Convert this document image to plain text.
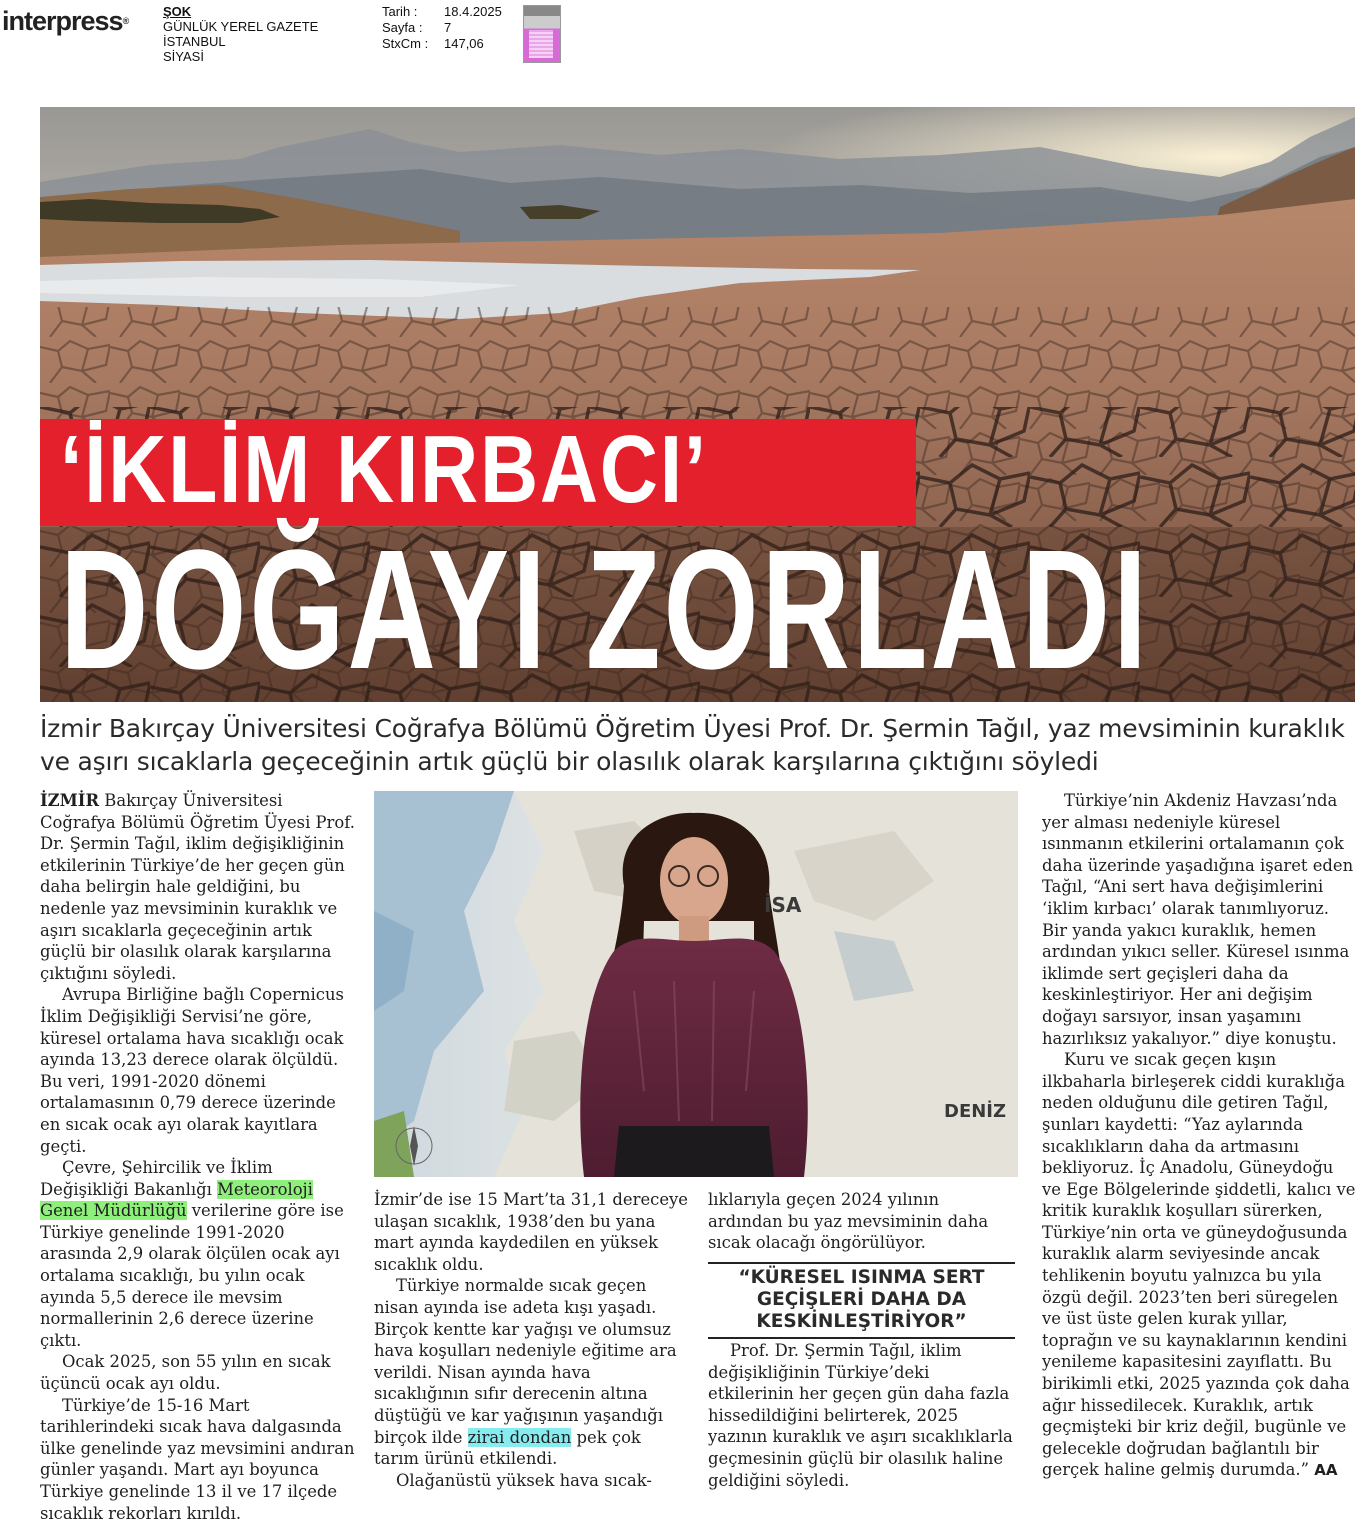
interpress®
ŞOK
GÜNLÜK YEREL GAZETE
İSTANBUL
SİYASİ
Tarih :	18.4.2025
Sayfa :	7
StxCm :	147,06
‘İKLİM KIRBACI’
DOĞAYI ZORLADI
İzmir Bakırçay Üniversitesi Coğrafya Bölümü Öğretim Üyesi Prof. Dr. Şermin Tağıl, yaz mevsiminin kuraklık ve aşırı sıcaklarla geçeceğinin artık güçlü bir olasılık olarak karşılarına çıktığını söyledi

İZMİR Bakırçay Üniversitesi Coğrafya Bölümü Öğretim Üyesi Prof. Dr. Şermin Tağıl, iklim değişikliğinin etkilerinin Türkiye’de her geçen gün daha belirgin hale geldiğini, bu nedenle yaz mevsiminin kuraklık ve aşırı sıcaklarla geçeceğinin artık güçlü bir olasılık olarak karşılarına çıktığını söyledi.

Avrupa Birliğine bağlı Copernicus İklim Değişikliği Servisi’ne göre, küresel ortalama hava sıcaklığı ocak ayında 13,23 derece olarak ölçüldü. Bu veri, 1991-2020 dönemi ortalamasının 0,79 derece üzerinde en sıcak ocak ayı olarak kayıtlara geçti.

Çevre, Şehircilik ve İklim Değişikliği Bakanlığı Meteoroloji Genel Müdürlüğü verilerine göre ise Türkiye genelinde 1991-2020 arasında 2,9 olarak ölçülen ocak ayı ortalama sıcaklığı, bu yılın ocak ayında 5,5 derece ile mevsim normallerinin 2,6 derece üzerine çıktı.

Ocak 2025, son 55 yılın en sıcak üçüncü ocak ayı oldu.

Türkiye’de 15-16 Mart tarihlerindeki sıcak hava dalgasında ülke genelinde yaz mevsimini andıran günler yaşandı. Mart ayı boyunca Türkiye genelinde 13 il ve 17 ilçede sıcaklık rekorları kırıldı.

İSA
DENİZ

İzmir’de ise 15 Mart’ta 31,1 dereceye ulaşan sıcaklık, 1938’den bu yana mart ayında kaydedilen en yüksek sıcaklık oldu.

Türkiye normalde sıcak geçen nisan ayında ise adeta kışı yaşadı. Birçok kentte kar yağışı ve olumsuz hava koşulları nedeniyle eğitime ara verildi. Nisan ayında hava sıcaklığının sıfır derecenin altına düştüğü ve kar yağışının yaşandığı birçok ilde zirai dondan pek çok tarım ürünü etkilendi.

Olağanüstü yüksek hava sıcak-

lıklarıyla geçen 2024 yılının ardından bu yaz mevsiminin daha sıcak olacağı öngörülüyor.

“KÜRESEL ISINMA SERT GEÇİŞLERİ DAHA DA KESKİNLEŞTİRİYOR”

Prof. Dr. Şermin Tağıl, iklim değişikliğinin Türkiye’deki etkilerinin her geçen gün daha fazla hissedildiğini belirterek, 2025 yazının kuraklık ve aşırı sıcaklıklarla geçmesinin güçlü bir olasılık haline geldiğini söyledi.

Türkiye’nin Akdeniz Havzası’nda yer alması nedeniyle küresel ısınmanın etkilerini ortalamanın çok daha üzerinde yaşadığına işaret eden Tağıl, “Ani sert hava değişimlerini ‘iklim kırbacı’ olarak tanımlıyoruz. Bir yanda yakıcı kuraklık, hemen ardından yıkıcı seller. Küresel ısınma iklimde sert geçişleri daha da keskinleştiriyor. Her ani değişim doğayı sarsıyor, insan yaşamını hazırlıksız yakalıyor.” diye konuştu.

Kuru ve sıcak geçen kışın ilkbaharla birleşerek ciddi kuraklığa neden olduğunu dile getiren Tağıl, şunları kaydetti: “Yaz aylarında sıcaklıkların daha da artmasını bekliyoruz. İç Anadolu, Güneydoğu ve Ege Bölgelerinde şiddetli, kalıcı ve kritik kuraklık koşulları sürerken, Türkiye’nin orta ve güneydoğusunda kuraklık alarm seviyesinde ancak tehlikenin boyutu yalnızca bu yıla özgü değil. 2023’ten beri süregelen ve üst üste gelen kurak yıllar, toprağın ve su kaynaklarının kendini yenileme kapasitesini zayıflattı. Bu birikimli etki, 2025 yazında çok daha ağır hissedilecek. Kuraklık, artık geçmişteki bir kriz değil, bugünle ve gelecekle doğrudan bağlantılı bir gerçek haline gelmiş durumda.” AA
